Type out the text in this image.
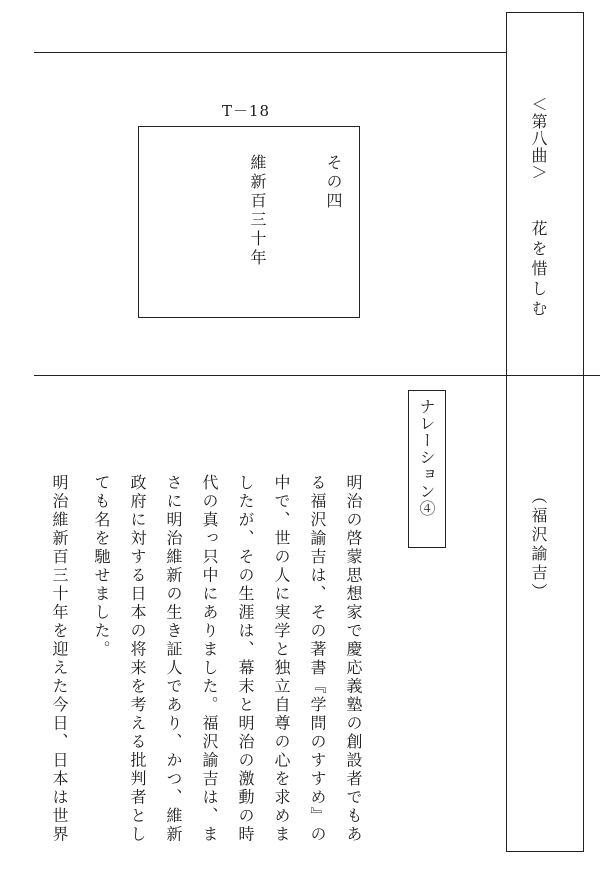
＜第八曲＞
花を惜しむ
（福沢諭吉）
T－18
その四
維新百三十年
ナレーション④
明治の啓蒙思想家で慶応義塾の創設者でもあ
る福沢諭吉は、その著書『学問のすすめ』の
中で、世の人に実学と独立自尊の心を求めま
したが、その生涯は、幕末と明治の激動の時
代の真っ只中にありました。福沢諭吉は、ま
さに明治維新の生き証人であり、かつ、維新
政府に対する日本の将来を考える批判者とし
ても名を馳せました。
明治維新百三十年を迎えた今日、日本は世界
